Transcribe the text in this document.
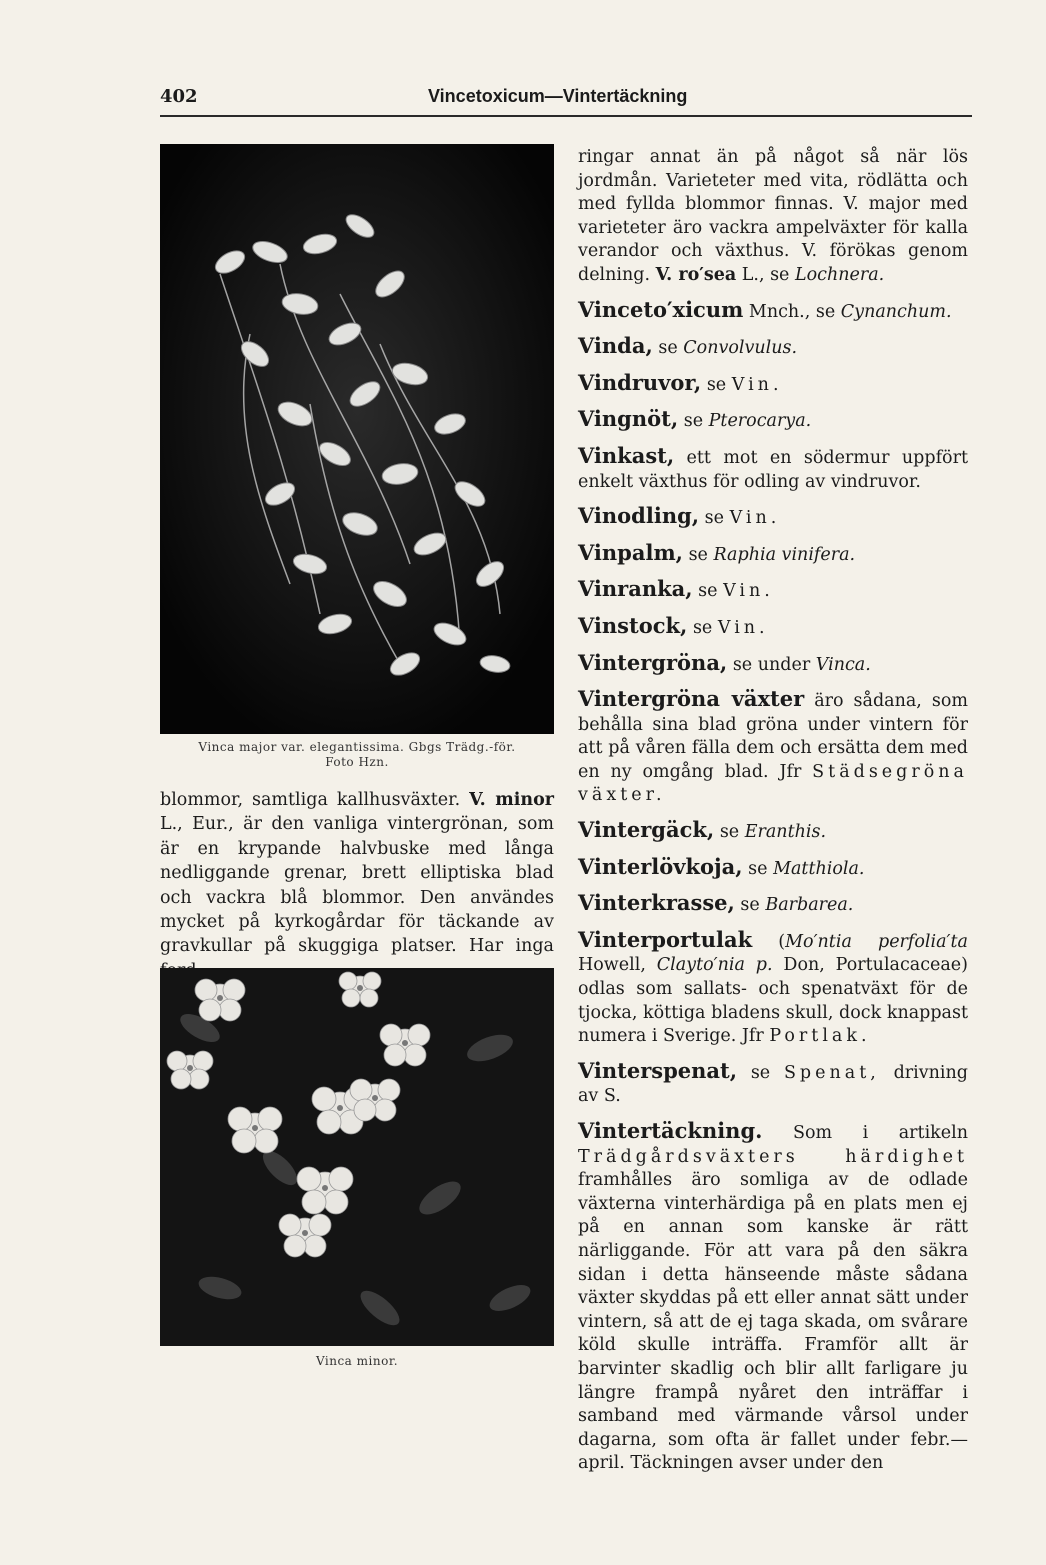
402	Vincetoxicum—Vintertäckning
Vinca major var. elegantissima. Gbgs Trädg.-för.
Foto Hzn.
blommor, samtliga kallhusväxter. V. minor L., Eur., är den vanliga vintergrönan, som är en krypande halvbuske med långa nedliggande grenar, brett elliptiska blad och vackra blå blommor. Den användes mycket på kyrkogårdar för täckande av gravkullar på skuggiga platser. Har inga
Vinca minor.

ringar annat än på något så när lös jordmån. Varieteter med vita, rödlätta och med fyllda blommor finnas. V. major med varieteter äro vackra ampelväxter för kalla verandor och växthus. V. förökas genom delning. V. ro′sea L., se Lochnera.

Vinceto′xicum Mnch., se Cynanchum.

Vinda, se Convolvulus.

Vindruvor, se Vin.

Vingnöt, se Pterocarya.

Vinkast, ett mot en södermur uppfört enkelt växthus för odling av vindruvor.

Vinodling, se Vin.

Vinpalm, se Raphia vinifera.

Vinranka, se Vin.

Vinstock, se Vin.

Vintergröna, se under Vinca.

Vintergröna växter äro sådana, som behålla sina blad gröna under vintern för att på våren fälla dem och ersätta dem med en ny omgång blad. Jfr Städsegröna växter.

Vintergäck, se Eranthis.

Vinterlövkoja, se Matthiola.

Vinterkrasse, se Barbarea.

Vinterportulak (Mo′ntia perfolia′ta Howell, Clayto′nia p. Don, Portulacaceae) odlas som sallats- och spenatväxt för de tjocka, köttiga bladens skull, dock knappast numera i Sverige. Jfr Portlak.

Vinterspenat, se Spenat, drivning av S.

Vintertäckning. Som i artikeln Trädgårdsväxters härdighet framhålles äro somliga av de odlade växterna vinterhärdiga på en plats men ej på en annan som kanske är rätt närliggande. För att vara på den säkra sidan i detta hänseende måste sådana växter skyddas på ett eller annat sätt under vintern, så att de ej taga skada, om svårare köld skulle inträffa. Framför allt är barvinter skadlig och blir allt farligare ju längre frampå nyåret den inträffar i samband med värmande vårsol under dagarna, som ofta är fallet under febr.—april. Täckningen avser under den
